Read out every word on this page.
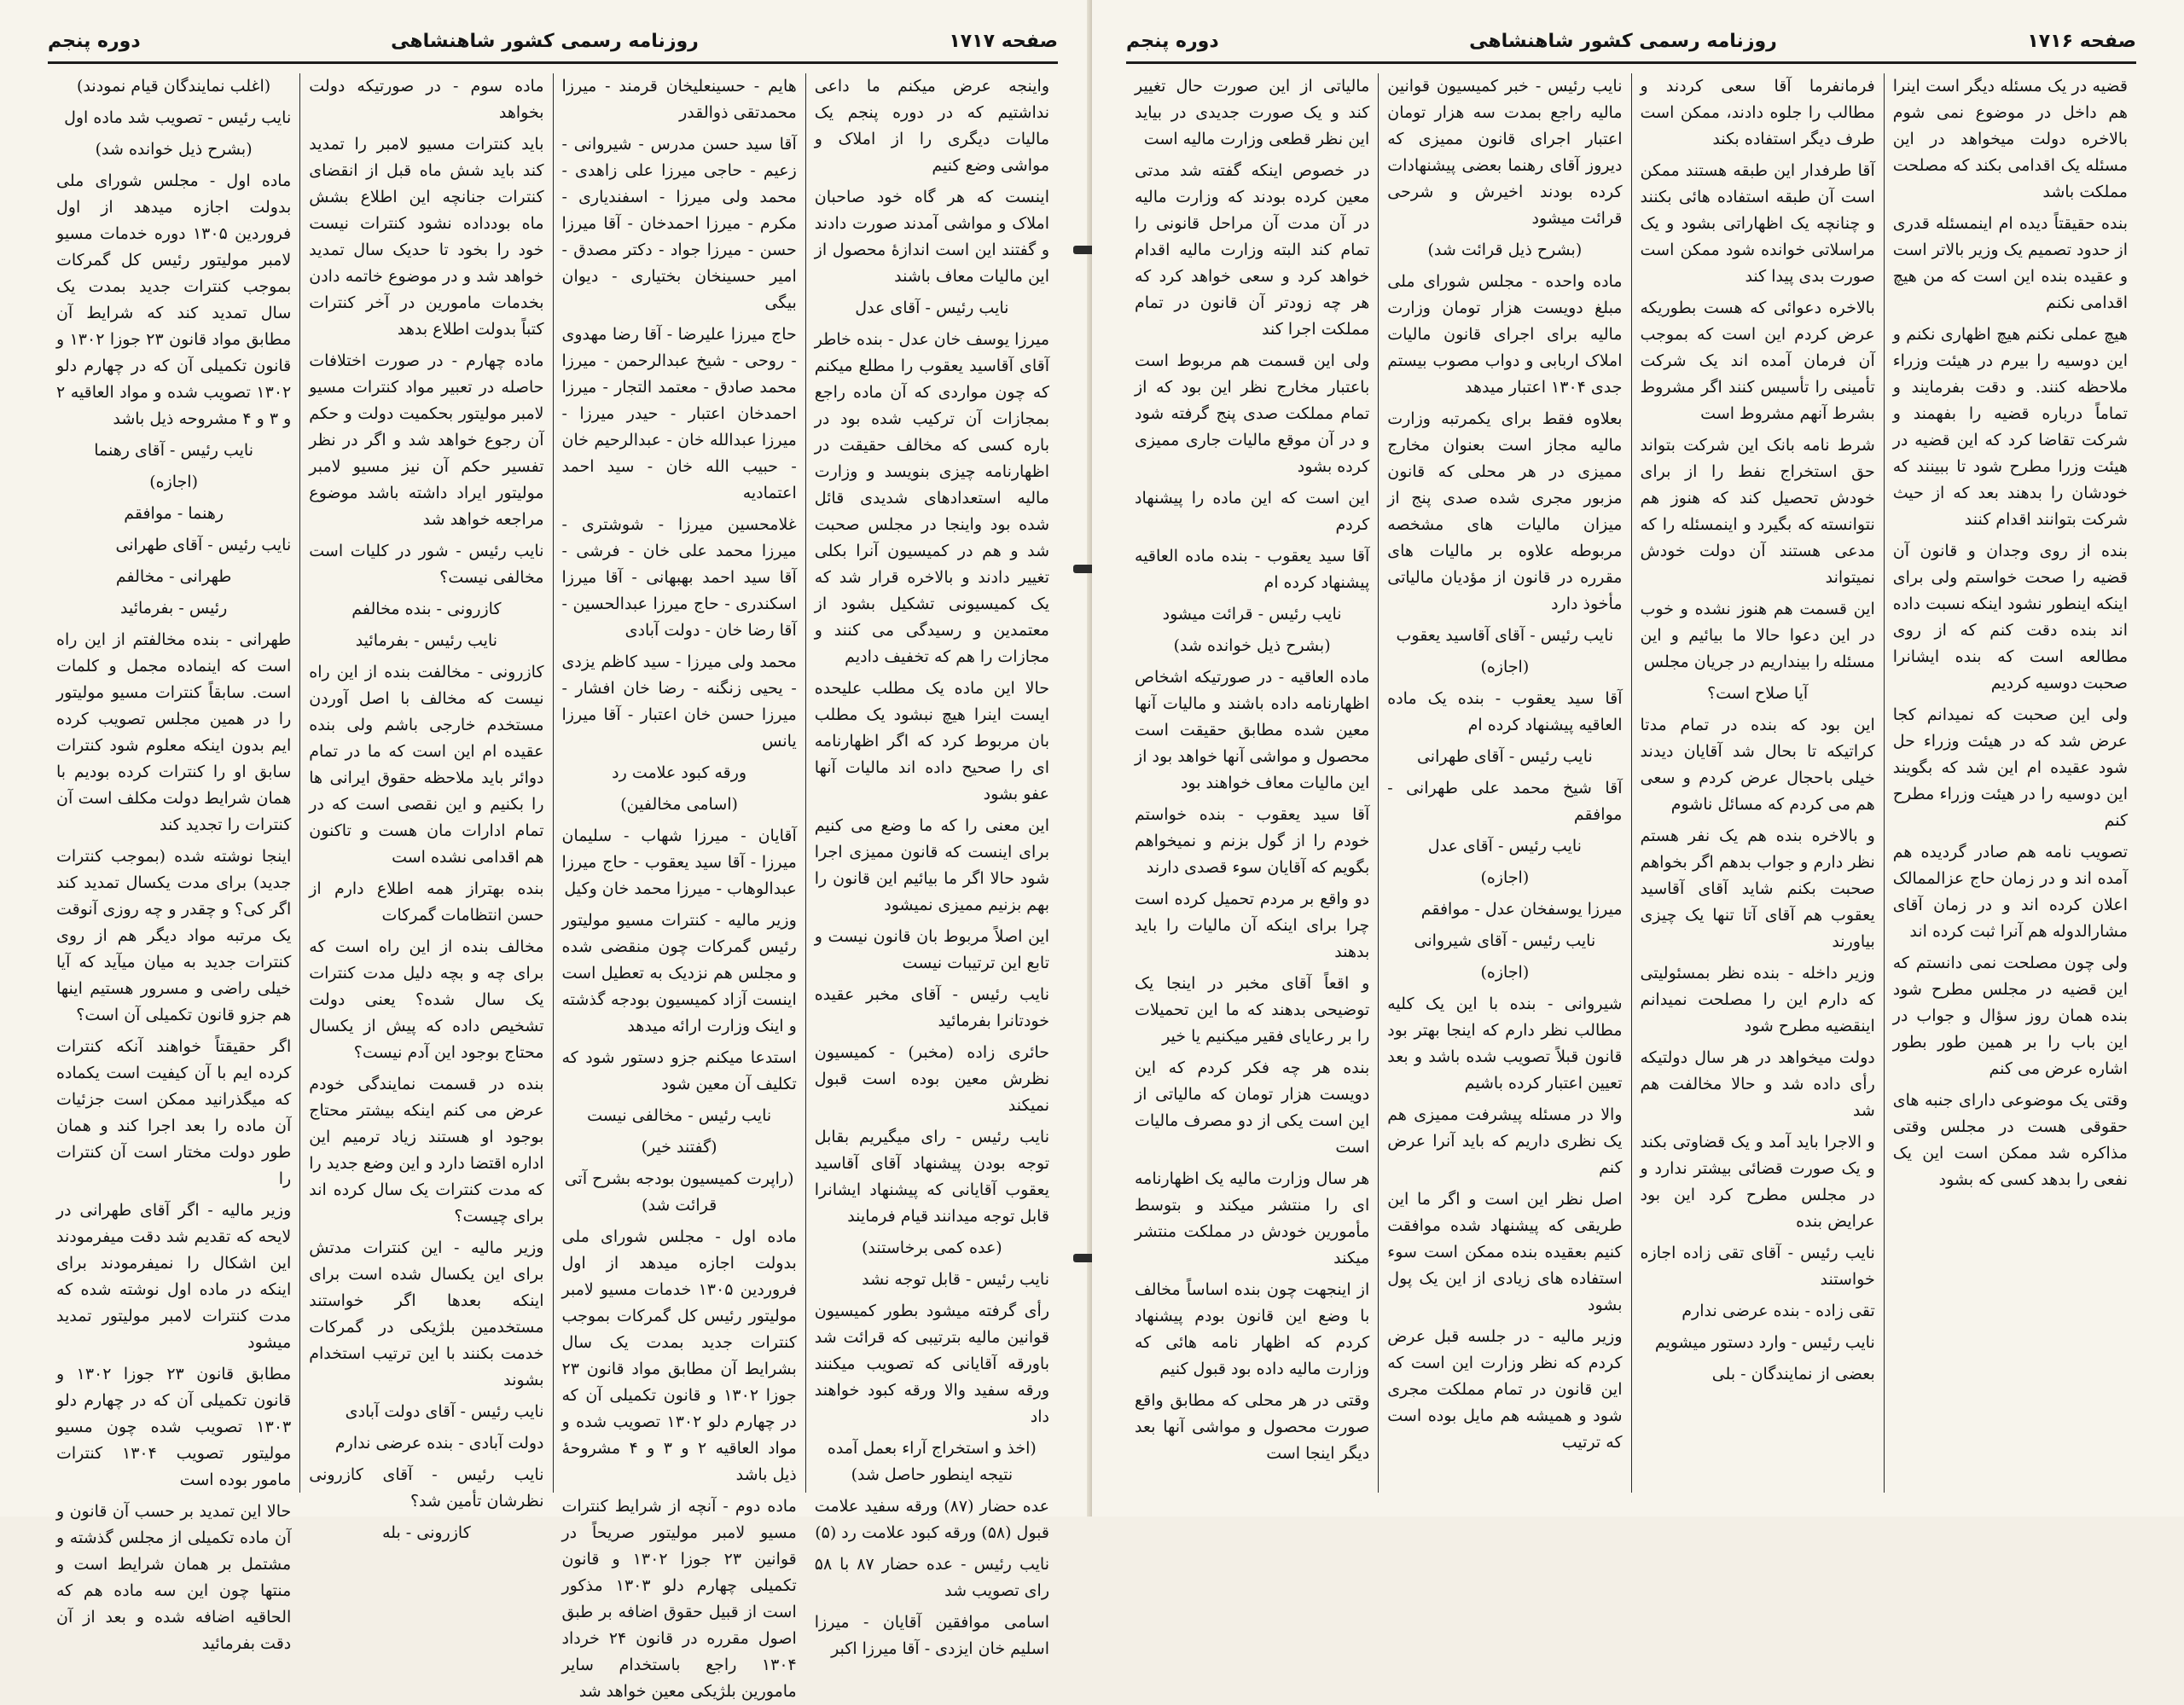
صفحه ۱۷۱۷
روزنامه رسمی کشور شاهنشاهی
دوره پنجم

واینجه عرض میکنم ما داعی نداشتیم که در دوره پنجم یک مالیات دیگری را از املاک و مواشی وضع کنیم

اینست که هر گاه خود صاحبان املاک و مواشی آمدند صورت دادند و گفتند این است اندازهٔ محصول از این مالیات معاف باشند

نایب رئیس - آقای عدل

میرزا یوسف خان عدل - بنده خاطر آقای آقاسید یعقوب را مطلع میکنم که چون مواردی که آن ماده راجع بمجازات آن ترکیب شده بود در باره کسی که مخالف حقیقت در اظهارنامه چیزی بنویسد و وزارت مالیه استعدادهای شدیدی قائل شده بود واینجا در مجلس صحبت شد و هم در کمیسیون آنرا بکلی تغییر دادند و بالاخره قرار شد که یک کمیسیونی تشکیل بشود از معتمدین و رسیدگی می کنند و مجازات را هم که تخفیف دادیم

حالا این ماده یک مطلب علیحده ایست اینرا هیچ نبشود یک مطلب بان مربوط کرد که اگر اظهارنامه ای را صحیح داده اند مالیات آنها عفو بشود

این معنی را که ما وضع می کنیم برای اینست که قانون ممیزی اجرا شود حالا اگر ما بیائیم این قانون را بهم بزنیم ممیزی نمیشود

این اصلاً مربوط بان قانون نیست و تابع این ترتیبات نیست

نایب رئیس - آقای مخبر عقیده خودتانرا بفرمائید

حائری زاده (مخبر) - کمیسیون نظرش معین بوده است قبول نمیکند

نایب رئیس - رای میگیریم بقابل توجه بودن پیشنهاد آقای آقاسید یعقوب آقایانی که پیشنهاد ایشانرا قابل توجه میدانند قیام فرمایند

(عده کمی برخاستند)

نایب رئیس - قابل توجه نشد

رأی گرفته میشود بطور کمیسیون قوانین مالیه بترتیبی که قرائت شد باورقه آقایانی که تصویب میکنند ورقه سفید والا ورقه کبود خواهند داد

(اخذ و استخراج آراء بعمل آمده نتیجه اینطور حاصل شد)

عده حضار (۸۷) ورقه سفید علامت قبول (۵۸) ورقه کبود علامت رد (۵)

نایب رئیس - عده حضار ۸۷ با ۵۸ رای تصویب شد

اسامی موافقین آقایان - میرزا اسلیم خان ایزدی - آقا میرزا اکبر

هایم - حسینعلیخان قرمند - میرزا محمدتقی ذوالقدر

آقا سید حسن مدرس - شیروانی - زعیم - حاجی میرزا علی زاهدی - محمد ولی میرزا - اسفندیاری - مکرم - میرزا احمدخان - آقا میرزا حسن - میرزا جواد - دکتر مصدق - امیر حسینخان بختیاری - دیوان بیگی

حاج میرزا علیرضا - آقا رضا مهدوی - روحی - شیخ عبدالرحمن - میرزا محمد صادق - معتمد التجار - میرزا احمدخان اعتبار - حیدر میرزا - میرزا عبدالله خان - عبدالرحیم خان - حبیب الله خان - سید احمد اعتمادیه

غلامحسین میرزا - شوشتری - میرزا محمد علی خان - فرشی - آقا سید احمد بهبهانی - آقا میرزا اسکندری - حاج میرزا عبدالحسین - آقا رضا خان - دولت آبادی

محمد ولی میرزا - سید کاظم یزدی - یحیی زنگنه - رضا خان افشار - میرزا حسن خان اعتبار - آقا میرزا یانس

ورقه کبود علامت رد

(اسامی مخالفین)

آقایان - میرزا شهاب - سلیمان میرزا - آقا سید یعقوب - حاج میرزا عبدالوهاب - میرزا محمد خان وکیل

وزیر مالیه - کنترات مسیو مولیتور رئیس گمرکات چون منقضی شده و مجلس هم نزدیک به تعطیل است اینست آزاد کمیسیون بودجه گذشته و اینک وزارت ارائه میدهد

استدعا میکنم جزو دستور شود که تکلیف آن معین شود

نایب رئیس - مخالفی نیست

(گفتند خیر)

(راپرت کمیسیون بودجه بشرح آتی قرائت شد)

ماده اول - مجلس شورای ملی بدولت اجازه میدهد از اول فروردین ۱۳۰۵ خدمات مسیو لامبر مولیتور رئیس کل گمرکات بموجب کنترات جدید بمدت یک سال بشرایط آن مطابق مواد قانون ۲۳ جوزا ۱۳۰۲ و قانون تکمیلی آن که در چهارم دلو ۱۳۰۲ تصویب شده و مواد العاقیه ۲ و ۳ و ۴ مشروحهٔ ذیل باشد

ماده دوم - آنچه از شرایط کنترات مسیو لامبر مولیتور صریحاً در قوانین ۲۳ جوزا ۱۳۰۲ و قانون تکمیلی چهارم دلو ۱۳۰۳ مذکور است از قبیل حقوق اضافه بر طبق اصول مقرره در قانون ۲۴ خرداد ۱۳۰۴ راجع باستخدام سایر مامورین بلژیکی معین خواهد شد

ماده سوم - در صورتیکه دولت بخواهد

باید کنترات مسیو لامبر را تمدید کند باید شش ماه قبل از انقضای کنترات جنانچه این اطلاع بشش ماه بودداده نشود کنترات نیست خود را بخود تا حدیک سال تمدید خواهد شد و در موضوع خاتمه دادن بخدمات مامورین در آخر کنترات کتباً بدولت اطلاع بدهد

ماده چهارم - در صورت اختلافات حاصله در تعبیر مواد کنترات مسیو لامبر مولیتور بحکمیت دولت و حکم آن رجوع خواهد شد و اگر در نظر تفسیر حکم آن نیز مسیو لامبر مولیتور ایراد داشته باشد موضوع مراجعه خواهد شد

نایب رئیس - شور در کلیات است مخالفی نیست؟

کازرونی - بنده مخالفم

نایب رئیس - بفرمائید

کازرونی - مخالفت بنده از این راه نیست که مخالف با اصل آوردن مستخدم خارجی باشم ولی بنده عقیده ام این است که ما در تمام دوائر باید ملاحظه حقوق ایرانی ها را بکنیم و این نقصی است که در تمام ادارات مان هست و تاکنون هم اقدامی نشده است

بنده بهتراز همه اطلاع دارم از حسن انتظامات گمرکات

مخالف بنده از این راه است که برای چه و بچه دلیل مدت کنترات یک سال شده؟ یعنی دولت تشخیص داده که پیش از یکسال محتاج بوجود این آدم نیست؟

بنده در قسمت نمایندگی خودم عرض می کنم اینکه بیشتر محتاج بوجود او هستند زیاد ترمیم این اداره اقتضا دارد و این وضع جدید را که مدت کنترات یک سال کرده اند برای چیست؟

وزیر مالیه - این کنترات مدتش برای این یکسال شده است برای اینکه بعدها اگر خواستند مستخدمین بلژیکی در گمرکات خدمت بکنند با این ترتیب استخدام بشوند

نایب رئیس - آقای دولت آبادی

دولت آبادی - بنده عرضی ندارم

نایب رئیس - آقای کازرونی نظرشان تأمین شد؟

کازرونی - بله

(اغلب نمایندگان قیام نمودند)

نایب رئیس - تصویب شد ماده اول

(بشرح ذیل خوانده شد)

ماده اول - مجلس شورای ملی بدولت اجازه میدهد از اول فروردین ۱۳۰۵ دوره خدمات مسیو لامبر مولیتور رئیس کل گمرکات بموجب کنترات جدید بمدت یک سال تمدید کند که شرایط آن مطابق مواد قانون ۲۳ جوزا ۱۳۰۲ و قانون تکمیلی آن که در چهارم دلو ۱۳۰۲ تصویب شده و مواد العاقیه ۲ و ۳ و ۴ مشروحه ذیل باشد

نایب رئیس - آقای رهنما

(اجازه)

رهنما - موافقم

نایب رئیس - آقای طهرانی

طهرانی - مخالفم

رئیس - بفرمائید

طهرانی - بنده مخالفتم از این راه است که اینماده مجمل و کلمات است. سابقاً کنترات مسیو مولیتور را در همین مجلس تصویب کرده ایم بدون اینکه معلوم شود کنترات سابق او را کنترات کرده بودیم با همان شرایط دولت مکلف است آن کنترات را تجدید کند

اینجا نوشته شده (بموجب کنترات جدید) برای مدت یکسال تمدید کند اگر کی؟ و چقدر و چه روزی آنوقت یک مرتبه مواد دیگر هم از روی کنترات جدید به میان میآید که آیا خیلی راضی و مسرور هستیم اینها هم جزو قانون تکمیلی آن است؟

اگر حقیقتاً خواهند آنکه کنترات کرده ایم با آن کیفیت است یکماده که میگذرانید ممکن است جزئیات آن ماده را بعد اجرا کند و همان طور دولت مختار است آن کنترات را

وزیر مالیه - اگر آقای طهرانی در لایحه که تقدیم شد دقت میفرمودند این اشکال را نمیفرمودند برای اینکه در ماده اول نوشته شده که مدت کنترات لامبر مولیتور تمدید میشود

مطابق قانون ۲۳ جوزا ۱۳۰۲ و قانون تکمیلی آن که در چهارم دلو ۱۳۰۳ تصویب شده چون مسیو مولیتور تصویب ۱۳۰۴ کنترات مامور بوده است

حالا این تمدید بر حسب آن قانون و آن ماده تکمیلی از مجلس گذشته و مشتمل بر همان شرایط است و منتها چون این سه ماده هم که الحاقیه اضافه شده و بعد از آن دقت بفرمائید

صفحه ۱۷۱۶
روزنامه رسمی کشور شاهنشاهی
دوره پنجم

قضیه در یک مسئله دیگر است اینرا هم داخل در موضوع نمی شوم بالاخره دولت میخواهد در این مسئله یک اقدامی بکند که مصلحت مملکت باشد

بنده حقیقتاً دیده ام اینمسئله قدری از حدود تصمیم یک وزیر بالاتر است و عقیده بنده این است که من هیچ اقدامی نکنم

هیچ عملی نکنم هیچ اظهاری نکنم و این دوسیه را بیرم در هیئت وزراء ملاحظه کنند. و دقت بفرمایند و تماماً درباره قضیه را بفهمند و شرکت تقاضا کرد که این قضیه در هیئت وزرا مطرح شود تا ببینند که خودشان را بدهند بعد که از حیث شرکت بتوانند اقدام کنند

بنده از روی وجدان و قانون آن قضیه را صحت خواستم ولی برای اینکه اینطور نشود اینکه نسبت داده اند بنده دقت کنم که از روی مطالعه است که بنده ایشانرا صحبت دوسیه کردیم

ولی این صحبت که نمیدانم کجا عرض شد که در هیئت وزراء حل شود عقیده ام این شد که بگویند این دوسیه را در هیئت وزراء مطرح کنم

تصویب نامه هم صادر گردیده هم آمده اند و در زمان حاج عزالممالک اعلان کرده اند و در زمان آقای مشارالدوله هم آنرا ثبت کرده اند

ولی چون مصلحت نمی دانستم که این قضیه در مجلس مطرح شود بنده همان روز سؤال و جواب در این باب را بر همین طور بطور اشاره عرض می کنم

وقتی یک موضوعی دارای جنبه های حقوقی هست در مجلس وقتی مذاکره شد ممکن است این یک نفعی را بدهد کسی که بشود

فرمانفرما آقا سعی کردند و مطالب را جلوه دادند، ممکن است طرف دیگر استفاده بکند

آقا طرفدار این طبقه هستند ممکن است آن طبقه استفاده هائی بکنند و چنانچه یک اظهاراتی بشود و یک مراسلاتی خوانده شود ممکن است صورت بدی پیدا کند

بالاخره دعوائی که هست بطوریکه عرض کردم این است که بموجب آن فرمان آمده اند یک شرکت تأمینی را تأسیس کنند اگر مشروط بشرط آنهم مشروط است

شرط نامه بانک این شرکت بتواند حق استخراج نفط را از برای خودش تحصیل کند که هنوز هم نتوانسته که بگیرد و اینمسئله را که مدعی هستند آن دولت خودش نمیتواند

این قسمت هم هنوز نشده و خوب در این دعوا حالا ما بیائیم و این مسئله را بینداریم در جریان مجلس

آیا صلاح است؟

این بود که بنده در تمام مدتا کراتیکه تا بحال شد آقایان دیدند خیلی باحجال عرض کردم و سعی هم می کردم که مسائل ناشوم

و بالاخره بنده هم یک نفر هستم نظر دارم و جواب بدهم اگر بخواهم صحبت بکنم شاید آقای آقاسید یعقوب هم آقای آتا تنها یک چیزی بیاورند

وزیر داخله - بنده نظر بمسئولیتی که دارم این را مصلحت نمیدانم اینقضیه مطرح شود

دولت میخواهد در هر سال دولتیکه رأی داده شد و حالا مخالفت هم شد

و الاجرا باید آمد و یک قضاوتی بکند و یک صورت قضائی بیشتر ندارد و در مجلس مطرح کرد این بود عرایض بنده

نایب رئیس - آقای تقی زاده اجازه خواستند

تقی زاده - بنده عرضی ندارم

نایب رئیس - وارد دستور میشویم

بعضی از نمایندگان - بلی

نایب رئیس - خبر کمیسیون قوانین مالیه راجع بمدت سه هزار تومان اعتبار اجرای قانون ممیزی که دیروز آقای رهنما بعضی پیشنهادات کرده بودند اخیرش و شرحی قرائت میشود

(بشرح ذیل قرائت شد)

ماده واحده - مجلس شورای ملی مبلغ دویست هزار تومان وزارت مالیه برای اجرای قانون مالیات املاک اربابی و دواب مصوب بیستم جدی ۱۳۰۴ اعتبار میدهد

بعلاوه فقط برای یکمرتبه وزارت مالیه مجاز است بعنوان مخارج ممیزی در هر محلی که قانون مزبور مجری شده صدی پنج از میزان مالیات های مشخصه مربوطه علاوه بر مالیات های مقرره در قانون از مؤدیان مالیاتی مأخوذ دارد

نایب رئیس - آقای آقاسید یعقوب

(اجازه)

آقا سید یعقوب - بنده یک ماده العاقیه پیشنهاد کرده ام

نایب رئیس - آقای طهرانی

آقا شیخ محمد علی طهرانی - موافقم

نایب رئیس - آقای عدل

(اجازه)

میرزا یوسفخان عدل - موافقم

نایب رئیس - آقای شیروانی

(اجازه)

شیروانی - بنده با این یک کلیه مطالب نظر دارم که اینجا بهتر بود قانون قبلاً تصویب شده باشد و بعد تعیین اعتبار کرده باشیم

والا در مسئله پیشرفت ممیزی هم یک نظری داریم که باید آنرا عرض کنم

اصل نظر این است و اگر ما این طریقی که پیشنهاد شده موافقت کنیم بعقیده بنده ممکن است سوء استفاده های زیادی از این یک پول بشود

وزیر مالیه - در جلسه قبل عرض کردم که نظر وزارت این است که این قانون در تمام مملکت مجری شود و همیشه هم مایل بوده است که ترتیب

مالیاتی از این صورت حال تغییر کند و یک صورت جدیدی در بیاید این نظر قطعی وزارت مالیه است

در خصوص اینکه گفته شد مدتی معین کرده بودند که وزارت مالیه در آن مدت آن مراحل قانونی را تمام کند البته وزارت مالیه اقدام خواهد کرد و سعی خواهد کرد که هر چه زودتر آن قانون در تمام مملکت اجرا کند

ولی این قسمت هم مربوط است باعتبار مخارج نظر این بود که از تمام مملکت صدی پنج گرفته شود و در آن موقع مالیات جاری ممیزی کرده بشود

این است که این ماده را پیشنهاد کردم

آقا سید یعقوب - بنده ماده العاقیه پیشنهاد کرده ام

نایب رئیس - قرائت میشود

(بشرح ذیل خوانده شد)

ماده العاقیه - در صورتیکه اشخاص اظهارنامه داده باشند و مالیات آنها معین شده مطابق حقیقت است محصول و مواشی آنها خواهد بود از این مالیات معاف خواهند بود

آقا سید یعقوب - بنده خواستم خودم را از گول بزنم و نمیخواهم بگویم که آقایان سوء قصدی دارند

دو واقع بر مردم تحمیل کرده است چرا برای اینکه آن مالیات را باید بدهند

و اقعاً آقای مخبر در اینجا یک توضیحی بدهند که ما این تحمیلات را بر رعایای فقیر میکنیم یا خیر

بنده هر چه فکر کردم که این دویست هزار تومان که مالیاتی از این است یکی از دو مصرف مالیات است

هر سال وزارت مالیه یک اظهارنامه ای را منتشر میکند و بتوسط مأمورین خودش در مملکت منتشر میکند

از اینجهت چون بنده اساساً مخالف با وضع این قانون بودم پیشنهاد کردم که اظهار نامه هائی که وزارت مالیه داده بود قبول کنیم

وقتی در هر محلی که مطابق واقع صورت محصول و مواشی آنها بعد دیگر اینجا است
